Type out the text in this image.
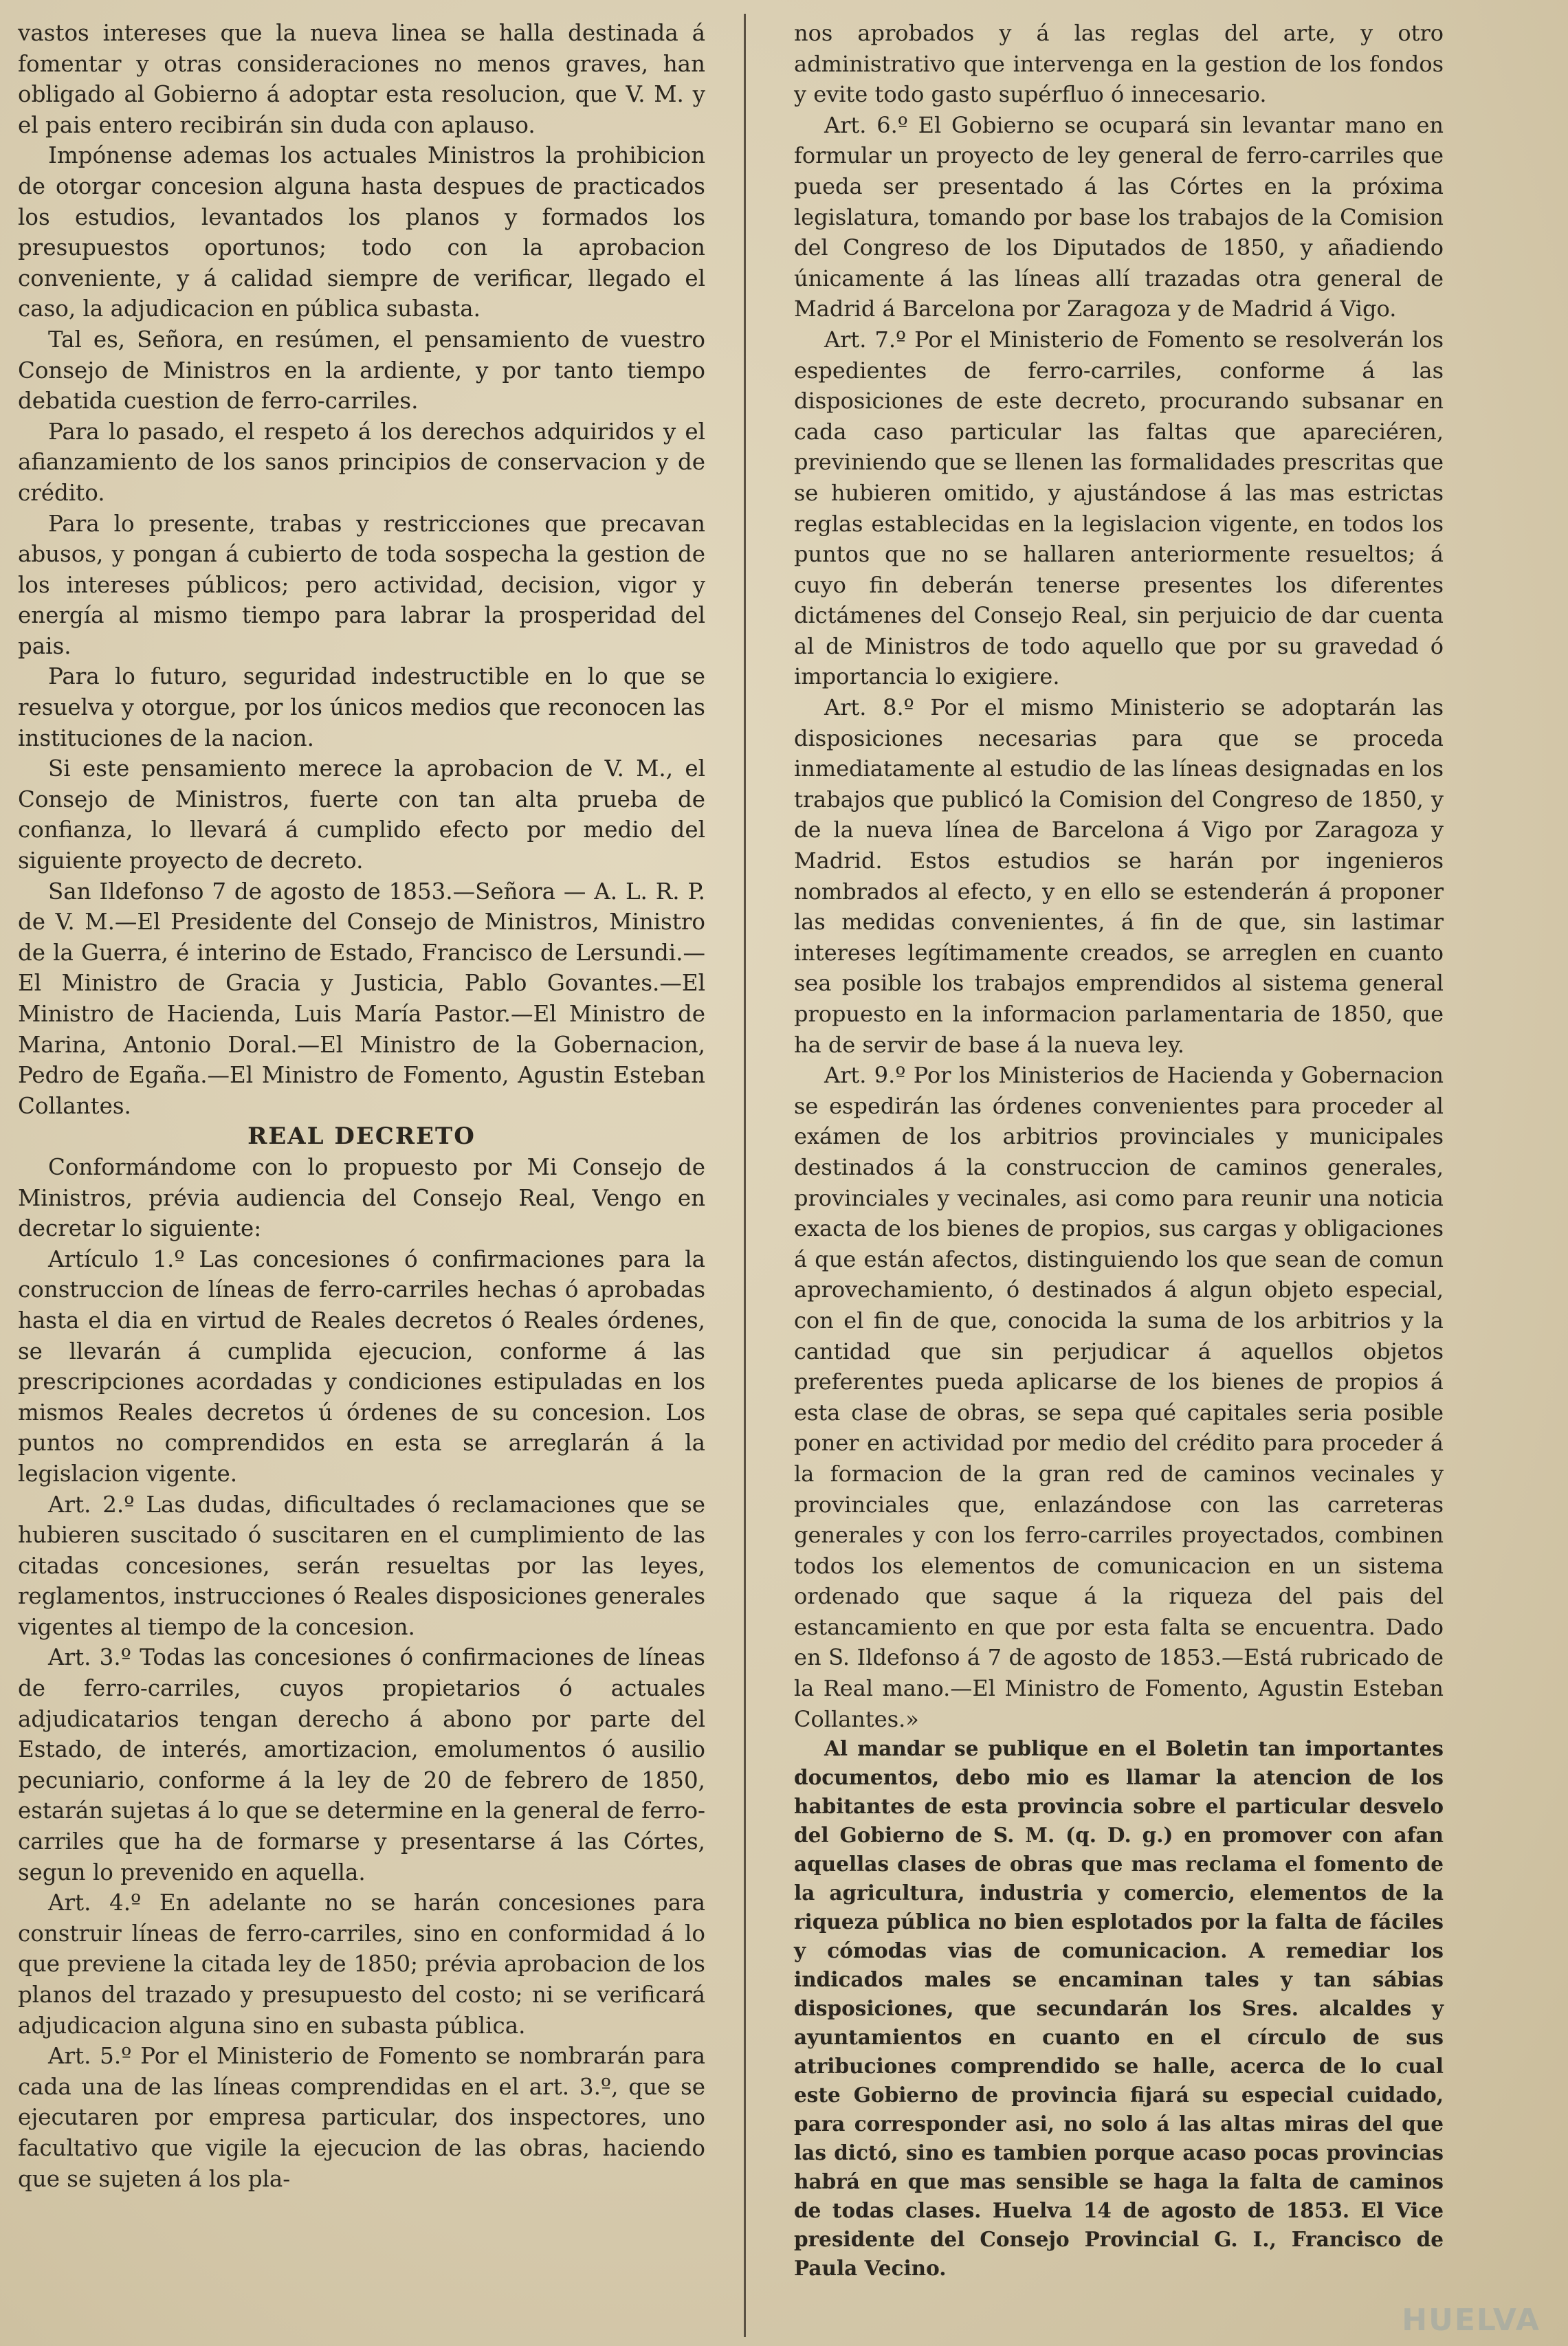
vastos intereses que la nueva linea se halla destinada á fomentar y otras consideraciones no menos graves, han obligado al Gobierno á adoptar esta resolucion, que V. M. y el pais entero recibirán sin duda con aplauso.

Impónense ademas los actuales Ministros la prohibicion de otorgar concesion alguna hasta despues de practicados los estudios, levantados los planos y formados los presupuestos oportunos; todo con la aprobacion conveniente, y á calidad siempre de verificar, llegado el caso, la adjudicacion en pública subasta.

Tal es, Señora, en resúmen, el pensamiento de vuestro Consejo de Ministros en la ardiente, y por tanto tiempo debatida cuestion de ferro-carriles.

Para lo pasado, el respeto á los derechos adquiridos y el afianzamiento de los sanos principios de conservacion y de crédito.

Para lo presente, trabas y restricciones que precavan abusos, y pongan á cubierto de toda sospecha la gestion de los intereses públicos; pero actividad, decision, vigor y energía al mismo tiempo para labrar la prosperidad del pais.

Para lo futuro, seguridad indestructible en lo que se resuelva y otorgue, por los únicos medios que reconocen las instituciones de la nacion.

Si este pensamiento merece la aprobacion de V. M., el Consejo de Ministros, fuerte con tan alta prueba de confianza, lo llevará á cumplido efecto por medio del siguiente proyecto de decreto.

San Ildefonso 7 de agosto de 1853.—Señora — A. L. R. P. de V. M.—El Presidente del Consejo de Ministros, Ministro de la Guerra, é interino de Estado, Francisco de Lersundi.—El Ministro de Gracia y Justicia, Pablo Govantes.—El Ministro de Hacienda, Luis María Pastor.—El Ministro de Marina, Antonio Doral.—El Ministro de la Gobernacion, Pedro de Egaña.—El Ministro de Fomento, Agustin Esteban Collantes.

REAL DECRETO

Conformándome con lo propuesto por Mi Consejo de Ministros, prévia audiencia del Consejo Real, Vengo en decretar lo siguiente:

Artículo 1.º Las concesiones ó confirmaciones para la construccion de líneas de ferro-carriles hechas ó aprobadas hasta el dia en virtud de Reales decretos ó Reales órdenes, se llevarán á cumplida ejecucion, conforme á las prescripciones acordadas y condiciones estipuladas en los mismos Reales decretos ú órdenes de su concesion. Los puntos no comprendidos en esta se arreglarán á la legislacion vigente.

Art. 2.º Las dudas, dificultades ó reclamaciones que se hubieren suscitado ó suscitaren en el cumplimiento de las citadas concesiones, serán resueltas por las leyes, reglamentos, instrucciones ó Reales disposiciones generales vigentes al tiempo de la concesion.

Art. 3.º Todas las concesiones ó confirmaciones de líneas de ferro-carriles, cuyos propietarios ó actuales adjudicatarios tengan derecho á abono por parte del Estado, de interés, amortizacion, emolumentos ó ausilio pecuniario, conforme á la ley de 20 de febrero de 1850, estarán sujetas á lo que se determine en la general de ferro-carriles que ha de formarse y presentarse á las Córtes, segun lo prevenido en aquella.

Art. 4.º En adelante no se harán concesiones para construir líneas de ferro-carriles, sino en conformidad á lo que previene la citada ley de 1850; prévia aprobacion de los planos del trazado y presupuesto del costo; ni se verificará adjudicacion alguna sino en subasta pública.

Art. 5.º Por el Ministerio de Fomento se nombrarán para cada una de las líneas comprendidas en el art. 3.º, que se ejecutaren por empresa particular, dos inspectores, uno facultativo que vigile la ejecucion de las obras, haciendo que se sujeten á los pla-

nos aprobados y á las reglas del arte, y otro administrativo que intervenga en la gestion de los fondos y evite todo gasto supérfluo ó innecesario.

Art. 6.º El Gobierno se ocupará sin levantar mano en formular un proyecto de ley general de ferro-carriles que pueda ser presentado á las Córtes en la próxima legislatura, tomando por base los trabajos de la Comision del Congreso de los Diputados de 1850, y añadiendo únicamente á las líneas allí trazadas otra general de Madrid á Barcelona por Zaragoza y de Madrid á Vigo.

Art. 7.º Por el Ministerio de Fomento se resolverán los espedientes de ferro-carriles, conforme á las disposiciones de este decreto, procurando subsanar en cada caso particular las faltas que apareciéren, previniendo que se llenen las formalidades prescritas que se hubieren omitido, y ajustándose á las mas estrictas reglas establecidas en la legislacion vigente, en todos los puntos que no se hallaren anteriormente resueltos; á cuyo fin deberán tenerse presentes los diferentes dictámenes del Consejo Real, sin perjuicio de dar cuenta al de Ministros de todo aquello que por su gravedad ó importancia lo exigiere.

Art. 8.º Por el mismo Ministerio se adoptarán las disposiciones necesarias para que se proceda inmediatamente al estudio de las líneas designadas en los trabajos que publicó la Comision del Congreso de 1850, y de la nueva línea de Barcelona á Vigo por Zaragoza y Madrid. Estos estudios se harán por ingenieros nombrados al efecto, y en ello se estenderán á proponer las medidas convenientes, á fin de que, sin lastimar intereses legítimamente creados, se arreglen en cuanto sea posible los trabajos emprendidos al sistema general propuesto en la informacion parlamentaria de 1850, que ha de servir de base á la nueva ley.

Art. 9.º Por los Ministerios de Hacienda y Gobernacion se espedirán las órdenes convenientes para proceder al exámen de los arbitrios provinciales y municipales destinados á la construccion de caminos generales, provinciales y vecinales, asi como para reunir una noticia exacta de los bienes de propios, sus cargas y obligaciones á que están afectos, distinguiendo los que sean de comun aprovechamiento, ó destinados á algun objeto especial, con el fin de que, conocida la suma de los arbitrios y la cantidad que sin perjudicar á aquellos objetos preferentes pueda aplicarse de los bienes de propios á esta clase de obras, se sepa qué capitales seria posible poner en actividad por medio del crédito para proceder á la formacion de la gran red de caminos vecinales y provinciales que, enlazándose con las carreteras generales y con los ferro-carriles proyectados, combinen todos los elementos de comunicacion en un sistema ordenado que saque á la riqueza del pais del estancamiento en que por esta falta se encuentra. Dado en S. Ildefonso á 7 de agosto de 1853.—Está rubricado de la Real mano.—El Ministro de Fomento, Agustin Esteban Collantes.»

Al mandar se publique en el Boletin tan importantes documentos, debo mio es llamar la atencion de los habitantes de esta provincia sobre el particular desvelo del Gobierno de S. M. (q. D. g.) en promover con afan aquellas clases de obras que mas reclama el fomento de la agricultura, industria y comercio, elementos de la riqueza pública no bien esplotados por la falta de fáciles y cómodas vias de comunicacion. A remediar los indicados males se encaminan tales y tan sábias disposiciones, que secundarán los Sres. alcaldes y ayuntamientos en cuanto en el círculo de sus atribuciones comprendido se halle, acerca de lo cual este Gobierno de provincia fijará su especial cuidado, para corresponder asi, no solo á las altas miras del que las dictó, sino es tambien porque acaso pocas provincias habrá en que mas sensible se haga la falta de caminos de todas clases. Huelva 14 de agosto de 1853. El Vice presidente del Consejo Provincial G. I., Francisco de Paula Vecino.

HUELVA
